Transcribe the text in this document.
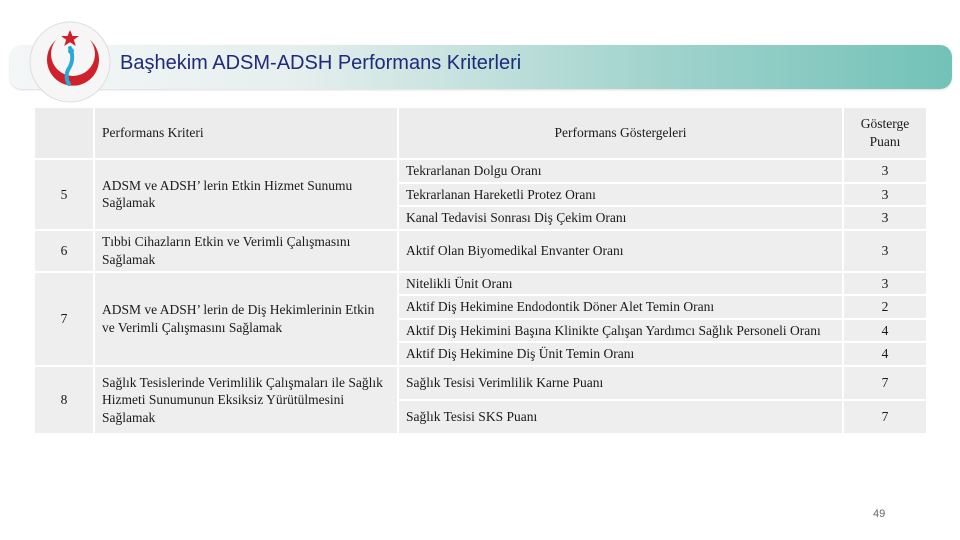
Başhekim ADSM-ADSH Performans Kriterleri
	Performans Kriteri	Performans Göstergeleri	Gösterge Puanı
5	ADSM ve ADSH’ lerin Etkin Hizmet Sunumu Sağlamak	Tekrarlanan Dolgu Oranı	3
		Tekrarlanan Hareketli Protez Oranı	3
		Kanal Tedavisi Sonrası Diş Çekim Oranı	3
6	Tıbbi Cihazların Etkin ve Verimli Çalışmasını Sağlamak	Aktif Olan Biyomedikal Envanter Oranı	3
7	ADSM ve ADSH’ lerin de Diş Hekimlerinin Etkin ve Verimli Çalışmasını Sağlamak	Nitelikli Ünit Oranı	3
		Aktif Diş Hekimine Endodontik Döner Alet Temin Oranı	2
		Aktif Diş Hekimini Başına Klinikte Çalışan Yardımcı Sağlık Personeli Oranı	4
		Aktif Diş Hekimine Diş Ünit Temin Oranı	4
8	Sağlık Tesislerinde Verimlilik Çalışmaları ile Sağlık Hizmeti Sunumunun Eksiksiz Yürütülmesini Sağlamak	Sağlık Tesisi Verimlilik Karne Puanı	7
		Sağlık Tesisi SKS Puanı	7
49
